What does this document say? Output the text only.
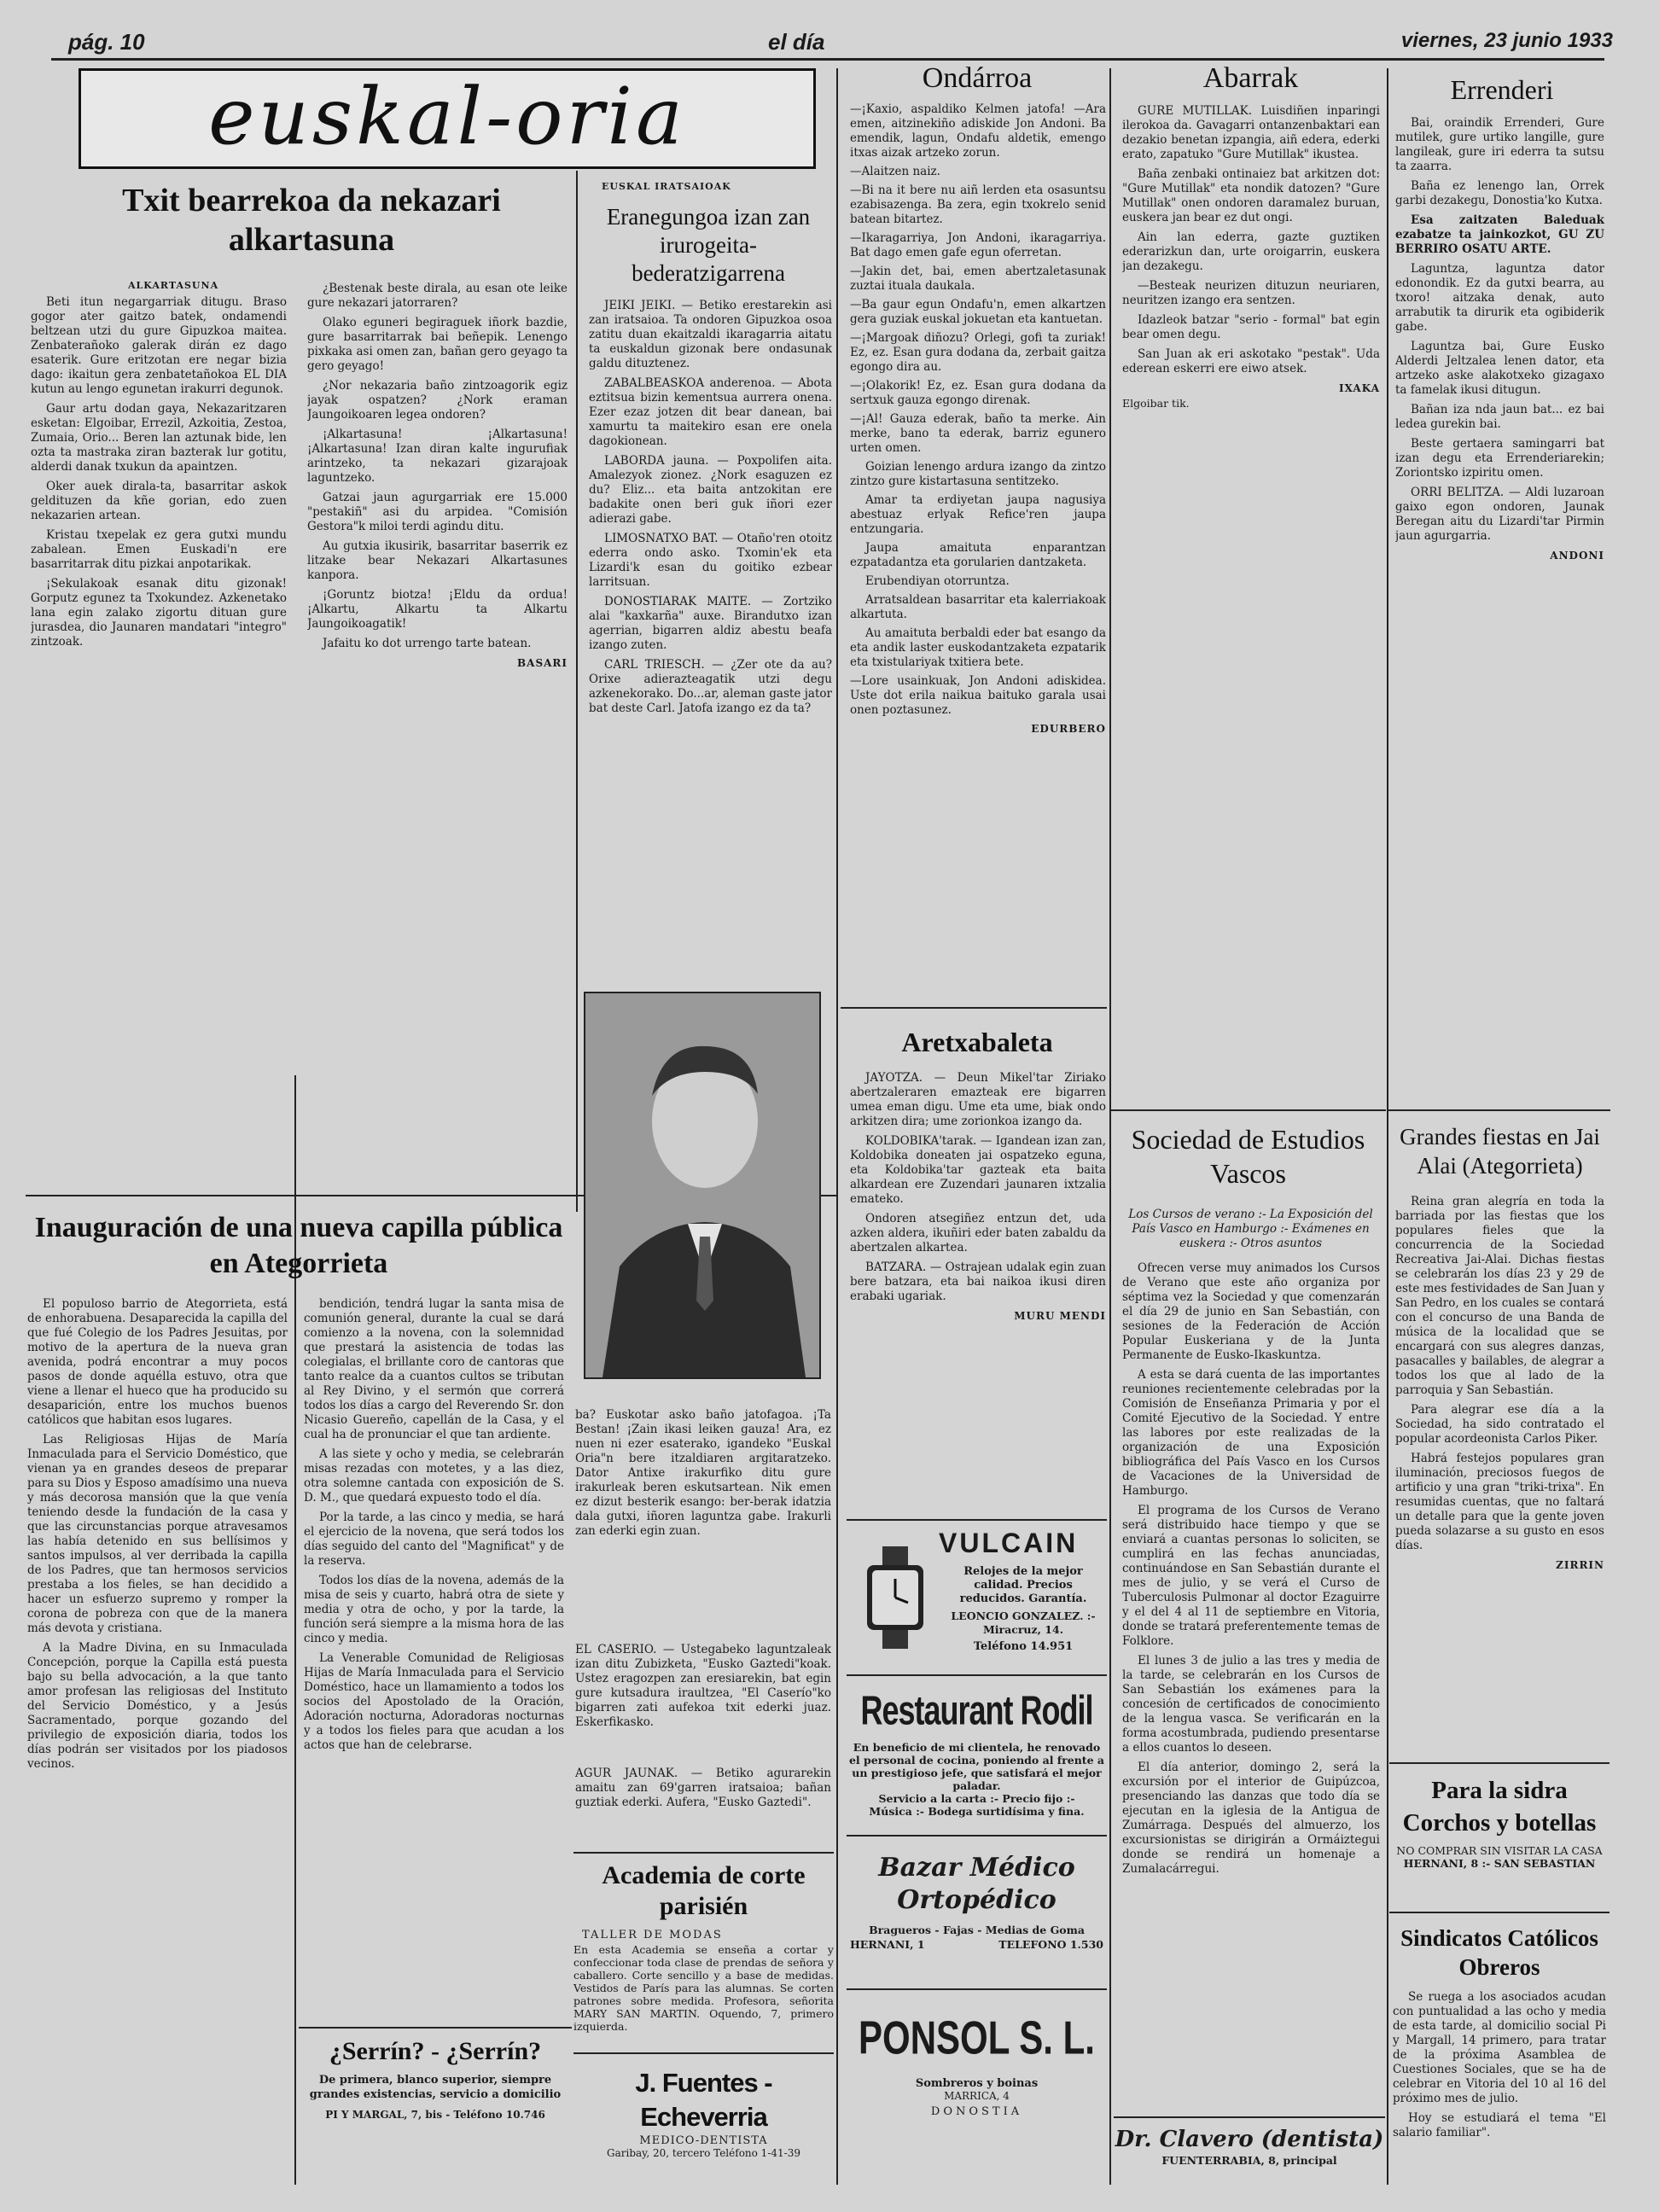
pág. 10	el día	viernes, 23 junio 1933
euskal-oria
Txit bearrekoa da nekazari alkartasuna
ALKARTASUNA

Beti itun negargarriak ditugu. Braso gogor ater gaitzo batek, ondamendi beltzean utzi du gure Gipuzkoa maitea. Zenbaterañoko galerak dirán ez dago esaterik. Gure eritzotan ere negar bizia dago: ikaitun gera zenbatetañokoa EL DIA kutun au lengo egunetan irakurri degunok.

Gaur artu dodan gaya, Nekazaritzaren esketan: Elgoibar, Errezil, Azkoitia, Zestoa, Zumaia, Orio... Beren lan aztunak bide, len ozta ta mastraka ziran bazterak lur gotitu, alderdi danak txukun da apaintzen.

Oker auek dirala-ta, basarritar askok geldituzen da kñe gorian, edo zuen nekazarien artean.

Kristau txepelak ez gera gutxi mundu zabalean. Emen Euskadi'n ere basarritarrak ditu pizkai anpotarikak.

¡Sekulakoak esanak ditu gizonak! Gorputz egunez ta Txokundez. Azkenetako lana egin zalako zigortu dituan gure jurasdea, dio Jaunaren mandatari "integro" zintzoak.

¿Bestenak beste dirala, au esan ote leike gure nekazari jatorraren?

Olako eguneri begiraguek iñork bazdie, gure basarritarrak bai beñepik. Lenengo pixkaka asi omen zan, bañan gero geyago ta gero geyago!

¿Nor nekazaria baño zintzoagorik egiz jayak ospatzen? ¿Nork eraman Jaungoikoaren legea ondoren?

¡Alkartasuna! ¡Alkartasuna! ¡Alkartasuna! Izan diran kalte ingurufiak arintzeko, ta nekazari gizarajoak laguntzeko.

Gatzai jaun agurgarriak ere 15.000 "pestakiñ" asi du arpidea. "Comisión Gestora"k miloi terdi agindu ditu.

Au gutxia ikusirik, basarritar baserrik ez litzake bear Nekazari Alkartasunes kanpora.

¡Goruntz biotza! ¡Eldu da ordua! ¡Alkartu, Alkartu ta Alkartu Jaungoikoagatik!

Jafaitu ko dot urrengo tarte batean.

BASARI
EUSKAL IRATSAIOAK
Eranegungoa izan zan irurogeita-bederatzigarrena

JEIKI JEIKI. — Betiko erestarekin asi zan iratsaioa. Ta ondoren Gipuzkoa osoa zatitu duan ekaitzaldi ikaragarria aitatu ta euskaldun gizonak bere ondasunak galdu dituztenez.

ZABALBEASKOA anderenoa. — Abota eztitsua bizin kementsua aurrera onena. Ezer ezaz jotzen dit bear danean, bai xamurtu ta maitekiro esan ere onela dagokionean.

LABORDA jauna. — Poxpolifen aita. Amalezyok zionez. ¿Nork esaguzen ez du? Eliz... eta baita antzokitan ere badakite onen beri guk iñori ezer adierazi gabe.

LIMOSNATXO BAT. — Otaño'ren otoitz ederra ondo asko. Txomin'ek eta Lizardi'k esan du goitiko ezbear larritsuan.

DONOSTIARAK MAITE. — Zortziko alai "kaxkarña" auxe. Birandutxo izan agerrian, bigarren aldiz abestu beafa izango zuten.

CARL TRIESCH. — ¿Zer ote da au? Orixe adierazteagatik utzi degu azkenekorako. Do...ar, aleman gaste jator bat deste Carl. Jatofa izango ez da ta?

ba? Euskotar asko baño jatofagoa. ¡Ta Bestan! ¡Zain ikasi leiken gauza! Ara, ez nuen ni ezer esaterako, igandeko "Euskal Oria"n bere itzaldiaren argitaratzeko. Dator Antixe irakurfiko ditu gure irakurleak beren eskutsartean. Nik emen ez dizut besterik esango: ber-berak idatzia dala gutxi, iñoren laguntza gabe. Irakurli zan ederki egin zuan.
EL CASERIO. — Ustegabeko laguntzaleak izan ditu Zubizketa, "Eusko Gaztedi"koak. Ustez eragozpen zan eresiarekin, bat egin gure kutsadura iraultzea, "El Caserío"ko bigarren zati aufekoa txit ederki juaz. Eskerfikasko.
AGUR JAUNAK. — Betiko agurarekin amaitu zan 69'garren iratsaioa; bañan guztiak ederki. Aufera, "Eusko Gaztedi".
Inauguración de una nueva capilla pública en Ategorrieta

El populoso barrio de Ategorrieta, está de enhorabuena. Desaparecida la capilla del que fué Colegio de los Padres Jesuitas, por motivo de la apertura de la nueva gran avenida, podrá encontrar a muy pocos pasos de donde aquélla estuvo, otra que viene a llenar el hueco que ha producido su desaparición, entre los muchos buenos católicos que habitan esos lugares.

Las Religiosas Hijas de María Inmaculada para el Servicio Doméstico, que vienan ya en grandes deseos de preparar para su Dios y Esposo amadísimo una nueva y más decorosa mansión que la que venía teniendo desde la fundación de la casa y que las circunstancias porque atravesamos las había detenido en sus bellísimos y santos impulsos, al ver derribada la capilla de los Padres, que tan hermosos servicios prestaba a los fieles, se han decidido a hacer un esfuerzo supremo y romper la corona de pobreza con que de la manera más devota y cristiana.

A la Madre Divina, en su Inmaculada Concepción, porque la Capilla está puesta bajo su bella advocación, a la que tanto amor profesan las religiosas del Instituto del Servicio Doméstico, y a Jesús Sacramentado, porque gozando del privilegio de exposición diaria, todos los días podrán ser visitados por los piadosos vecinos.

bendición, tendrá lugar la santa misa de comunión general, durante la cual se dará comienzo a la novena, con la solemnidad que prestará la asistencia de todas las colegialas, el brillante coro de cantoras que tanto realce da a cuantos cultos se tributan al Rey Divino, y el sermón que correrá todos los días a cargo del Reverendo Sr. don Nicasio Guereño, capellán de la Casa, y el cual ha de pronunciar el que tan ardiente.

A las siete y ocho y media, se celebrarán misas rezadas con motetes, y a las diez, otra solemne cantada con exposición de S. D. M., que quedará expuesto todo el día.

Por la tarde, a las cinco y media, se hará el ejercicio de la novena, que será todos los días seguido del canto del "Magnificat" y de la reserva.

Todos los días de la novena, además de la misa de seis y cuarto, habrá otra de siete y media y otra de ocho, y por la tarde, la función será siempre a la misma hora de las cinco y media.

La Venerable Comunidad de Religiosas Hijas de María Inmaculada para el Servicio Doméstico, hace un llamamiento a todos los socios del Apostolado de la Oración, Adoración nocturna, Adoradoras nocturnas y a todos los fieles para que acudan a los actos que han de celebrarse.

¿Serrín? - ¿Serrín?
De primera, blanco superior, siempre grandes existencias, servicio a domicilio
PI Y MARGAL, 7, bis - Teléfono 10.746
Academia de corte parisién
TALLER DE MODAS
En esta Academia se enseña a cortar y confeccionar toda clase de prendas de señora y caballero. Corte sencillo y a base de medidas. Vestidos de París para las alumnas. Se corten patrones sobre medida. Profesora, señorita MARY SAN MARTIN. Oquendo, 7, primero izquierda.
J. Fuentes - Echeverria
MEDICO-DENTISTA
Garibay, 20, tercero Teléfono 1-41-39
Ondárroa

—¡Kaxio, aspaldiko Kelmen jatofa! —Ara emen, aitzinekiño adiskide Jon Andoni. Ba emendik, lagun, Ondafu aldetik, emengo itxas aizak artzeko zorun.

—Alaitzen naiz.

—Bi na it bere nu aiñ lerden eta osasuntsu ezabisazenga. Ba zera, egin txokrelo senid batean bitartez.

—Ikaragarriya, Jon Andoni, ikaragarriya. Bat dago emen gafe egun oferretan.

—Jakin det, bai, emen abertzaletasunak zuztai ituala daukala.

—Ba gaur egun Ondafu'n, emen alkartzen gera guziak euskal jokuetan eta kantuetan.

—¡Margoak diñozu? Orlegi, gofi ta zuriak! Ez, ez. Esan gura dodana da, zerbait gaitza egongo dira au.

—¡Olakorik! Ez, ez. Esan gura dodana da sertxuk gauza egongo direnak.

—¡Al! Gauza ederak, baño ta merke. Ain merke, bano ta ederak, barriz egunero urten omen.

Goizian lenengo ardura izango da zintzo zintzo gure kistartasuna sentitzeko.

Amar ta erdiyetan jaupa nagusiya abestuaz erlyak Refice'ren jaupa entzungaria.

Jaupa amaituta enparantzan ezpatadantza eta gorularien dantzaketa.

Erubendiyan otorruntza.

Arratsaldean basarritar eta kalerriakoak alkartuta.

Au amaituta berbaldi eder bat esango da eta andik laster euskodantzaketa ezpatarik eta txistulariyak txitiera bete.

—Lore usainkuak, Jon Andoni adiskidea. Uste dot erila naikua baituko garala usai onen poztasunez.

EDURBERO
Aretxabaleta

JAYOTZA. — Deun Mikel'tar Ziriako abertzaleraren emazteak ere bigarren umea eman digu. Ume eta ume, biak ondo arkitzen dira; ume zorionkoa izango da.

KOLDOBIKA'tarak. — Igandean izan zan, Koldobika doneaten jai ospatzeko eguna, eta Koldobika'tar gazteak eta baita alkardean ere Zuzendari jaunaren ixtzalia emateko.

Ondoren atsegiñez entzun det, uda azken aldera, ikuñiri eder baten zabaldu da abertzalen alkartea.

BATZARA. — Ostrajean udalak egin zuan bere batzara, eta bai naikoa ikusi diren erabaki ugariak.

MURU MENDI
VULCAIN
Relojes de la mejor calidad. Precios reducidos. Garantía.
LEONCIO GONZALEZ. :- Miracruz, 14.
Teléfono 14.951
Restaurant Rodil
En beneficio de mi clientela, he renovado el personal de cocina, poniendo al frente a un prestigioso jefe, que satisfará el mejor paladar.
Servicio a la carta :- Precio fijo :-
Música :- Bodega surtidísima y fina.
Bazar Médico
Ortopédico
Bragueros - Fajas - Medias de Goma
HERNANI, 1	TELEFONO 1.530
PONSOL S. L.
Sombreros y boinas
MARRICA, 4
DONOSTIA
Abarrak

GURE MUTILLAK. Luisdiñen inparingi ilerokoa da. Gavagarri ontanzenbaktari ean dezakio benetan izpangia, aiñ edera, ederki erato, zapatuko "Gure Mutillak" ikustea.

Baña zenbaki ontinaiez bat arkitzen dot: "Gure Mutillak" eta nondik datozen? "Gure Mutillak" onen ondoren daramalez buruan, euskera jan bear ez dut ongi.

Ain lan ederra, gazte guztiken ederarizkun dan, urte oroigarrin, euskera jan dezakegu.

—Besteak neurizen dituzun neuriaren, neuritzen izango era sentzen.

Idazleok batzar "serio - formal" bat egin bear omen degu.

San Juan ak eri askotako "pestak". Uda ederean eskerri ere eiwo atsek.

IXAKA
Elgoibar tik.
Sociedad de Estudios Vascos
Los Cursos de verano :- La Exposición del País Vasco en Hamburgo :- Exámenes en euskera :- Otros asuntos

Ofrecen verse muy animados los Cursos de Verano que este año organiza por séptima vez la Sociedad y que comenzarán el día 29 de junio en San Sebastián, con sesiones de la Federación de Acción Popular Euskeriana y de la Junta Permanente de Eusko-Ikaskuntza.

A esta se dará cuenta de las importantes reuniones recientemente celebradas por la Comisión de Enseñanza Primaria y por el Comité Ejecutivo de la Sociedad. Y entre las labores por este realizadas de la organización de una Exposición bibliográfica del País Vasco en los Cursos de Vacaciones de la Universidad de Hamburgo.

El programa de los Cursos de Verano será distribuido hace tiempo y que se enviará a cuantas personas lo soliciten, se cumplirá en las fechas anunciadas, continuándose en San Sebastián durante el mes de julio, y se verá el Curso de Tuberculosis Pulmonar al doctor Ezaguirre y el del 4 al 11 de septiembre en Vitoria, donde se tratará preferentemente temas de Folklore.

El lunes 3 de julio a las tres y media de la tarde, se celebrarán en los Cursos de San Sebastián los exámenes para la concesión de certificados de conocimiento de la lengua vasca. Se verificarán en la forma acostumbrada, pudiendo presentarse a ellos cuantos lo deseen.

El día anterior, domingo 2, será la excursión por el interior de Guipúzcoa, presenciando las danzas que todo día se ejecutan en la iglesia de la Antigua de Zumárraga. Después del almuerzo, los excursionistas se dirigirán a Ormáiztegui donde se rendirá un homenaje a Zumalacárregui.

Dr. Clavero (dentista)
FUENTERRABIA, 8, principal
Errenderi

Bai, oraindik Errenderi, Gure mutilek, gure urtiko langille, gure langileak, gure iri ederra ta sutsu ta zaarra.

Baña ez lenengo lan, Orrek garbi dezakegu, Donostia'ko Kutxa.

Esa zaitzaten Baleduak ezabatze ta jainkozkot, GU ZU BERRIRO OSATU ARTE.

Laguntza, laguntza dator edonondik. Ez da gutxi bearra, au txoro! aitzaka denak, auto arrabutik ta dirurik eta ogibiderik gabe.

Laguntza bai, Gure Eusko Alderdi Jeltzalea lenen dator, eta artzeko aske alakotxeko gizagaxo ta famelak ikusi ditugun.

Bañan iza nda jaun bat... ez bai ledea gurekin bai.

Beste gertaera samingarri bat izan degu eta Errenderiarekin; Zoriontsko izpiritu omen.

ORRI BELITZA. — Aldi luzaroan gaixo egon ondoren, Jaunak Beregan aitu du Lizardi'tar Pirmin jaun agurgarria.

ANDONI
Grandes fiestas en Jai Alai (Ategorrieta)

Reina gran alegría en toda la barriada por las fiestas que los populares fieles que la concurrencia de la Sociedad Recreativa Jai-Alai. Dichas fiestas se celebrarán los días 23 y 29 de este mes festividades de San Juan y San Pedro, en los cuales se contará con el concurso de una Banda de música de la localidad que se encargará con sus alegres danzas, pasacalles y bailables, de alegrar a todos los que al lado de la parroquia y San Sebastián.

Para alegrar ese día a la Sociedad, ha sido contratado el popular acordeonista Carlos Piker.

Habrá festejos populares gran iluminación, preciosos fuegos de artificio y una gran "triki-trixa". En resumidas cuentas, que no faltará un detalle para que la gente joven pueda solazarse a su gusto en esos días.

ZIRRIN
Para la sidra Corchos y botellas
NO COMPRAR SIN VISITAR LA CASA
HERNANI, 8 :- SAN SEBASTIAN
Sindicatos Católicos Obreros

Se ruega a los asociados acudan con puntualidad a las ocho y media de esta tarde, al domicilio social Pi y Margall, 14 primero, para tratar de la próxima Asamblea de Cuestiones Sociales, que se ha de celebrar en Vitoria del 10 al 16 del próximo mes de julio.

Hoy se estudiará el tema "El salario familiar".
